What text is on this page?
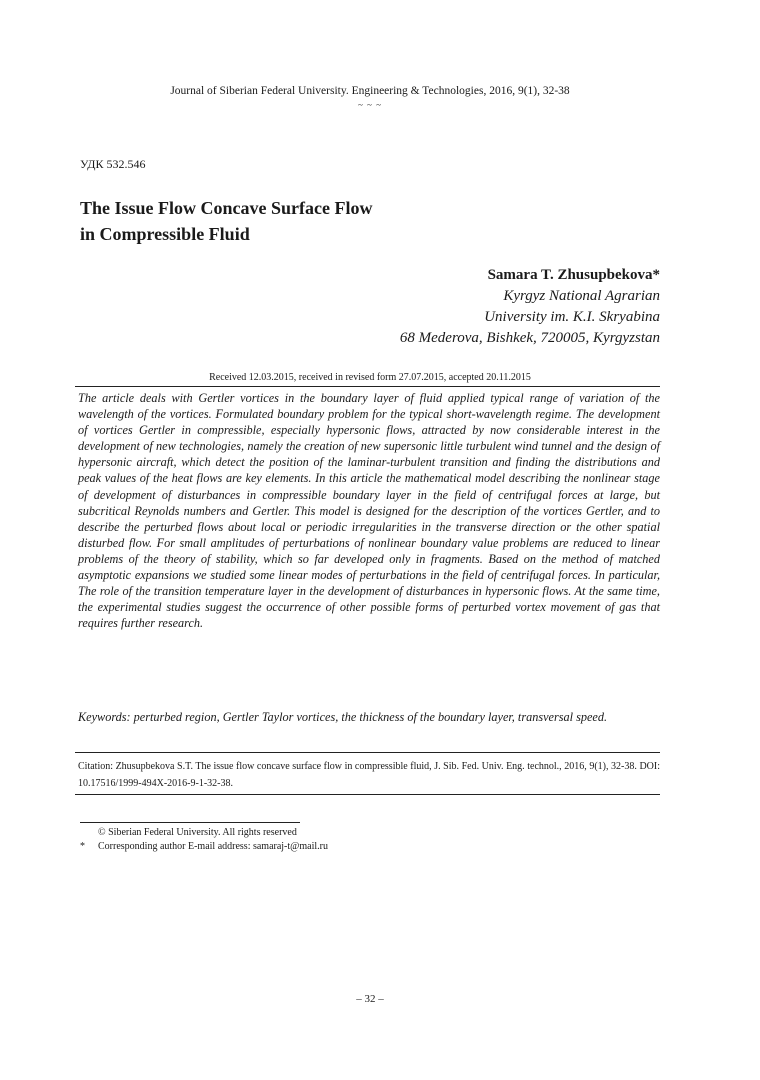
Journal of Siberian Federal University. Engineering & Technologies, 2016, 9(1), 32-38
~ ~ ~
УДК 532.546
The Issue Flow Concave Surface Flow
in Compressible Fluid
Samara T. Zhusupbekova*
Kyrgyz National Agrarian
University im. K.I. Skryabina
68 Mederova, Bishkek, 720005, Kyrgyzstan
Received 12.03.2015, received in revised form 27.07.2015, accepted 20.11.2015

The article deals with Gertler vortices in the boundary layer of fluid applied typical range of variation of the wavelength of the vortices. Formulated boundary problem for the typical short-wavelength regime. The development of vortices Gertler in compressible, especially hypersonic flows, attracted by now considerable interest in the development of new technologies, namely the creation of new supersonic little turbulent wind tunnel and the design of hypersonic aircraft, which detect the position of the laminar-turbulent transition and finding the distributions and peak values of the heat flows are key elements. In this article the mathematical model describing the nonlinear stage of development of disturbances in compressible boundary layer in the field of centrifugal forces at large, but subcritical Reynolds numbers and Gertler. This model is designed for the description of the vortices Gertler, and to describe the perturbed flows about local or periodic irregularities in the transverse direction or the other spatial disturbed flow. For small amplitudes of perturbations of nonlinear boundary value problems are reduced to linear problems of the theory of stability, which so far developed only in fragments. Based on the method of matched asymptotic expansions we studied some linear modes of perturbations in the field of centrifugal forces. In particular, The role of the transition temperature layer in the development of disturbances in hypersonic flows. At the same time, the experimental studies suggest the occurrence of other possible forms of perturbed vortex movement of gas that requires further research.

Keywords: perturbed region, Gertler Taylor vortices, the thickness of the boundary layer, transversal speed.

Citation: Zhusupbekova S.T. The issue flow concave surface flow in compressible fluid, J. Sib. Fed. Univ. Eng. technol., 2016, 9(1), 32-38. DOI: 10.17516/1999-494X-2016-9-1-32-38.

© Siberian Federal University. All rights reserved
* Corresponding author E-mail address: samaraj-t@mail.ru
– 32 –
